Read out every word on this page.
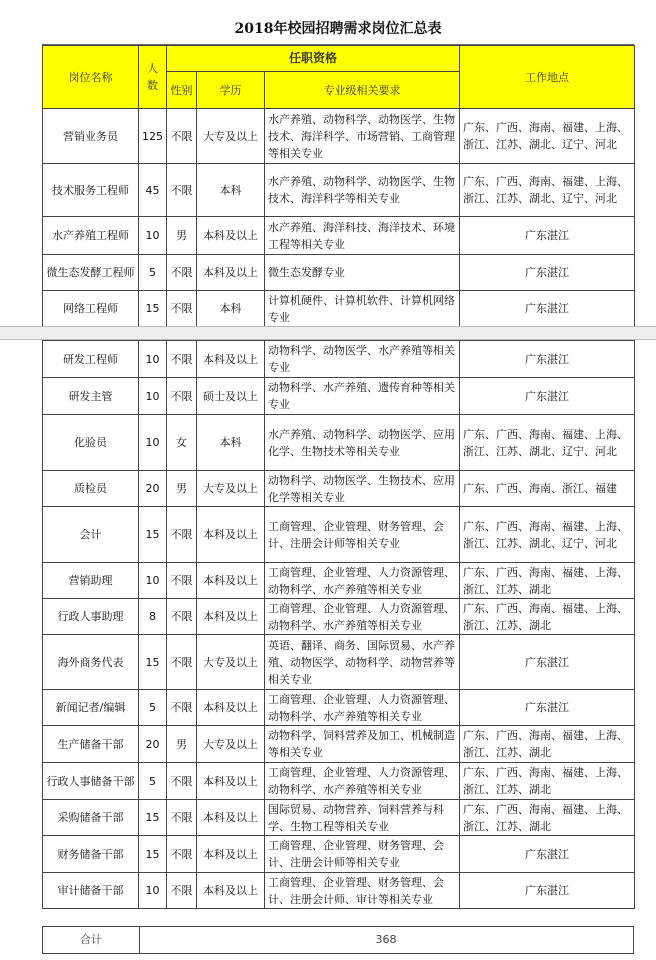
2018年校园招聘需求岗位汇总表
岗位名称	人数	任职资格			工作地点
		性别	学历	专业级相关要求	
营销业务员	125	不限	大专及以上	水产养殖、动物科学、动物医学、生物技术、海洋科学、市场营销、工商管理等相关专业	广东、广西、海南、福建、上海、浙江、江苏、湖北、辽宁、河北
技术服务工程师	45	不限	本科	水产养殖、动物科学、动物医学、生物技术、海洋科学等相关专业	广东、广西、海南、福建、上海、浙江、江苏、湖北、辽宁、河北
水产养殖工程师	10	男	本科及以上	水产养殖、海洋科技、海洋技术、环境工程等相关专业	广东湛江
微生态发酵工程师	5	不限	本科及以上	微生态发酵专业	广东湛江
网络工程师	15	不限	本科	计算机硬件、计算机软件、计算机网络专业	广东湛江
研发工程师	10	不限	本科及以上	动物科学、动物医学、水产养殖等相关专业	广东湛江
研发主管	10	不限	硕士及以上	动物科学、水产养殖、遗传育种等相关专业	广东湛江
化验员	10	女	本科	水产养殖、动物科学、动物医学、应用化学、生物技术等相关专业	广东、广西、海南、福建、上海、浙江、江苏、湖北、辽宁、河北
质检员	20	男	大专及以上	动物科学、动物医学、生物技术、应用化学等相关专业	广东、广西、海南、浙江、福建
会计	15	不限	本科及以上	工商管理、企业管理、财务管理、会计、注册会计师等相关专业	广东、广西、海南、福建、上海、浙江、江苏、湖北、辽宁、河北
营销助理	10	不限	本科及以上	工商管理、企业管理、人力资源管理、动物科学、水产养殖等相关专业	广东、广西、海南、福建、上海、浙江、江苏、湖北
行政人事助理	8	不限	本科及以上	工商管理、企业管理、人力资源管理、动物科学、水产养殖等相关专业	广东、广西、海南、福建、上海、浙江、江苏、湖北
海外商务代表	15	不限	大专及以上	英语、翻译、商务、国际贸易、水产养殖、动物医学、动物科学、动物营养等相关专业	广东湛江
新闻记者/编辑	5	不限	本科及以上	工商管理、企业管理、人力资源管理、动物科学、水产养殖等相关专业	广东湛江
生产储备干部	20	男	大专及以上	动物科学、饲料营养及加工、机械制造等相关专业	广东、广西、海南、福建、上海、浙江、江苏、湖北
行政人事储备干部	5	不限	本科及以上	工商管理、企业管理、人力资源管理、动物科学、水产养殖等相关专业	广东、广西、海南、福建、上海、浙江、江苏、湖北
采购储备干部	15	不限	本科及以上	国际贸易、动物营养、饲料营养与科学、生物工程等相关专业	广东、广西、海南、福建、上海、浙江、江苏、湖北
财务储备干部	15	不限	本科及以上	工商管理、企业管理、财务管理、会计、注册会计师等相关专业	广东湛江
审计储备干部	10	不限	本科及以上	工商管理、企业管理、财务管理、会计、注册会计师、审计等相关专业	广东湛江
合计	368
